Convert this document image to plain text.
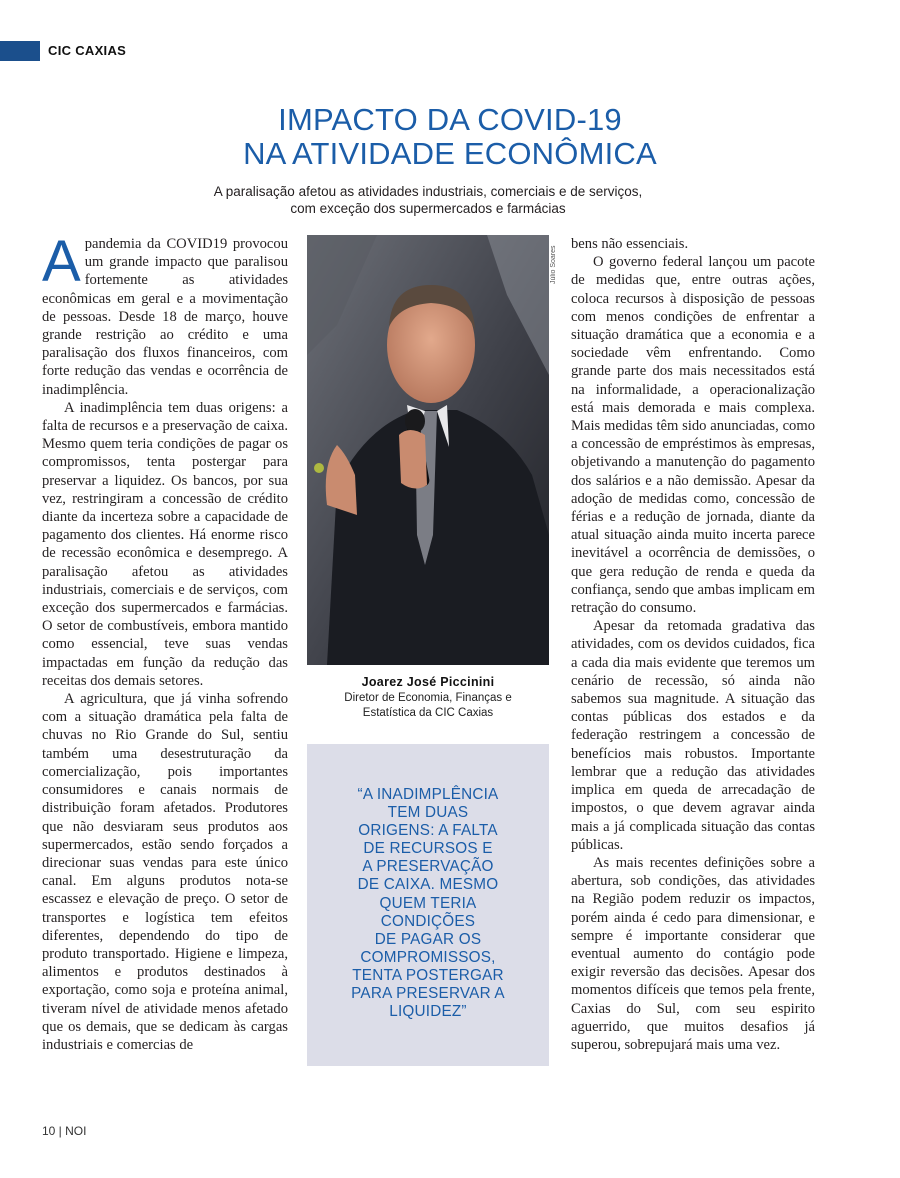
CIC CAXIAS
IMPACTO DA COVID-19
NA ATIVIDADE ECONÔMICA
A paralisação afetou as atividades industriais, comerciais e de serviços,
com exceção dos supermercados e farmácias

Apandemia da COVID19 provocou um grande impacto que paralisou fortemente as atividades econômicas em geral e a movimentação de pessoas. Desde 18 de março, houve grande restrição ao crédito e uma paralisação dos fluxos financeiros, com forte redução das vendas e ocorrência de inadimplência.

A inadimplência tem duas origens: a falta de recursos e a preservação de caixa. Mesmo quem teria condições de pagar os compromissos, tenta postergar para preservar a liquidez. Os bancos, por sua vez, restringiram a concessão de crédito diante da incerteza sobre a capacidade de pagamento dos clientes. Há enorme risco de recessão econômica e desemprego. A paralisação afetou as atividades industriais, comerciais e de serviços, com exceção dos supermercados e farmácias. O setor de combustíveis, embora mantido como essencial, teve suas vendas impactadas em função da redução das receitas dos demais setores.

A agricultura, que já vinha sofrendo com a situação dramática pela falta de chuvas no Rio Grande do Sul, sentiu também uma desestruturação da comercialização, pois importantes consumidores e canais normais de distribuição foram afetados. Produtores que não desviaram seus produtos aos supermercados, estão sendo forçados a direcionar suas vendas para este único canal. Em alguns produtos nota-se escassez e elevação de preço. O setor de transportes e logística tem efeitos diferentes, dependendo do tipo de produto transportado. Higiene e limpeza, alimentos e produtos destinados à exportação, como soja e proteína animal, tiveram nível de atividade menos afetado que os demais, que se dedicam às cargas industriais e comercias de

Júlio Soares
Joarez José Piccinini
Diretor de Economia, Finanças e
Estatística da CIC Caxias
“A INADIMPLÊNCIA
TEM DUAS
ORIGENS: A FALTA
DE RECURSOS E
A PRESERVAÇÃO
DE CAIXA. MESMO
QUEM TERIA
CONDIÇÕES
DE PAGAR OS
COMPROMISSOS,
TENTA POSTERGAR
PARA PRESERVAR A
LIQUIDEZ”

bens não essenciais.

O governo federal lançou um pacote de medidas que, entre outras ações, coloca recursos à disposição de pessoas com menos condições de enfrentar a situação dramática que a economia e a sociedade vêm enfrentando. Como grande parte dos mais necessitados está na informalidade, a operacionalização está mais demorada e mais complexa. Mais medidas têm sido anunciadas, como a concessão de empréstimos às empresas, objetivando a manutenção do pagamento dos salários e a não demissão. Apesar da adoção de medidas como, concessão de férias e a redução de jornada, diante da atual situação ainda muito incerta parece inevitável a ocorrência de demissões, o que gera redução de renda e queda da confiança, sendo que ambas implicam em retração do consumo.

Apesar da retomada gradativa das atividades, com os devidos cuidados, fica a cada dia mais evidente que teremos um cenário de recessão, só ainda não sabemos sua magnitude. A situação das contas públicas dos estados e da federação restringem a concessão de benefícios mais robustos. Importante lembrar que a redução das atividades implica em queda de arrecadação de impostos, o que devem agravar ainda mais a já complicada situação das contas públicas.

As mais recentes definições sobre a abertura, sob condições, das atividades na Região podem reduzir os impactos, porém ainda é cedo para dimensionar, e sempre é importante considerar que eventual aumento do contágio pode exigir reversão das decisões. Apesar dos momentos difíceis que temos pela frente, Caxias do Sul, com seu espirito aguerrido, que muitos desafios já superou, sobrepujará mais uma vez.

10 | NOI
